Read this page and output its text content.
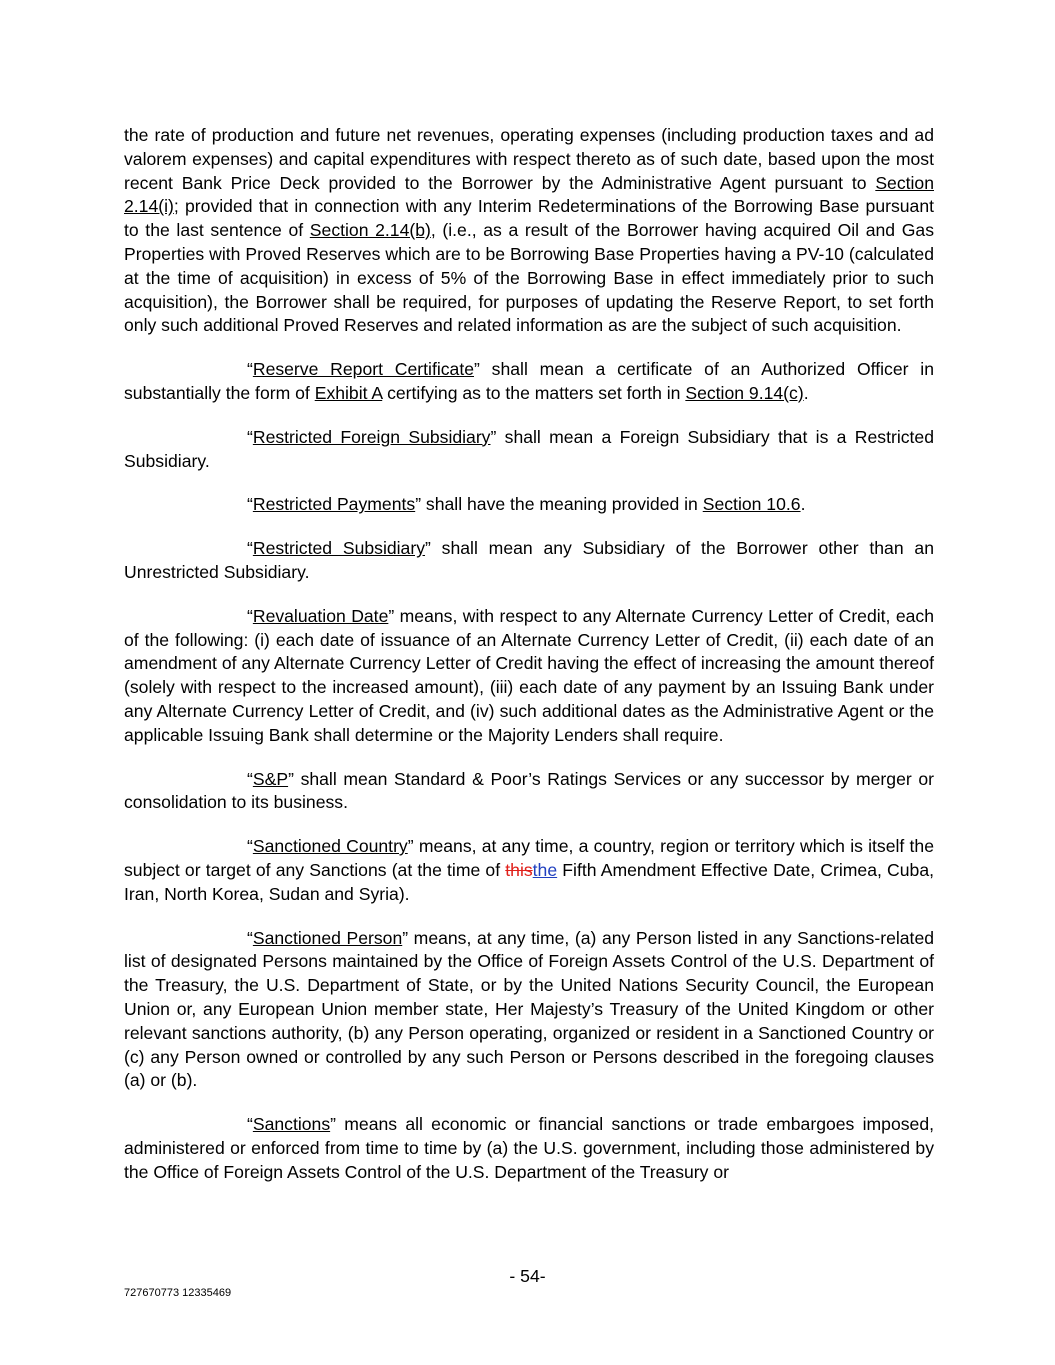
the rate of production and future net revenues, operating expenses (including production taxes and ad valorem expenses) and capital expenditures with respect thereto as of such date, based upon the most recent Bank Price Deck provided to the Borrower by the Administrative Agent pursuant to Section 2.14(i); provided that in connection with any Interim Redeterminations of the Borrowing Base pursuant to the last sentence of Section 2.14(b), (i.e., as a result of the Borrower having acquired Oil and Gas Properties with Proved Reserves which are to be Borrowing Base Properties having a PV-10 (calculated at the time of acquisition) in excess of 5% of the Borrowing Base in effect immediately prior to such acquisition), the Borrower shall be required, for purposes of updating the Reserve Report, to set forth only such additional Proved Reserves and related information as are the subject of such acquisition.

“Reserve Report Certificate” shall mean a certificate of an Authorized Officer in substantially the form of Exhibit A certifying as to the matters set forth in Section 9.14(c).

“Restricted Foreign Subsidiary” shall mean a Foreign Subsidiary that is a Restricted Subsidiary.

“Restricted Payments” shall have the meaning provided in Section 10.6.

“Restricted Subsidiary” shall mean any Subsidiary of the Borrower other than an Unrestricted Subsidiary.

“Revaluation Date” means, with respect to any Alternate Currency Letter of Credit, each of the following: (i) each date of issuance of an Alternate Currency Letter of Credit, (ii) each date of an amendment of any Alternate Currency Letter of Credit having the effect of increasing the amount thereof (solely with respect to the increased amount), (iii) each date of any payment by an Issuing Bank under any Alternate Currency Letter of Credit, and (iv) such additional dates as the Administrative Agent or the applicable Issuing Bank shall determine or the Majority Lenders shall require.

“S&P” shall mean Standard & Poor’s Ratings Services or any successor by merger or consolidation to its business.

“Sanctioned Country” means, at any time, a country, region or territory which is itself the subject or target of any Sanctions (at the time of thisthe Fifth Amendment Effective Date, Crimea, Cuba, Iran, North Korea, Sudan and Syria).

“Sanctioned Person” means, at any time, (a) any Person listed in any Sanctions-related list of designated Persons maintained by the Office of Foreign Assets Control of the U.S. Department of the Treasury, the U.S. Department of State, or by the United Nations Security Council, the European Union or, any European Union member state, Her Majesty’s Treasury of the United Kingdom or other relevant sanctions authority, (b) any Person operating, organized or resident in a Sanctioned Country or (c) any Person owned or controlled by any such Person or Persons described in the foregoing clauses (a) or (b).

“Sanctions” means all economic or financial sanctions or trade embargoes imposed, administered or enforced from time to time by (a) the U.S. government, including those administered by the Office of Foreign Assets Control of the U.S. Department of the Treasury or

- 54-
727670773 12335469
